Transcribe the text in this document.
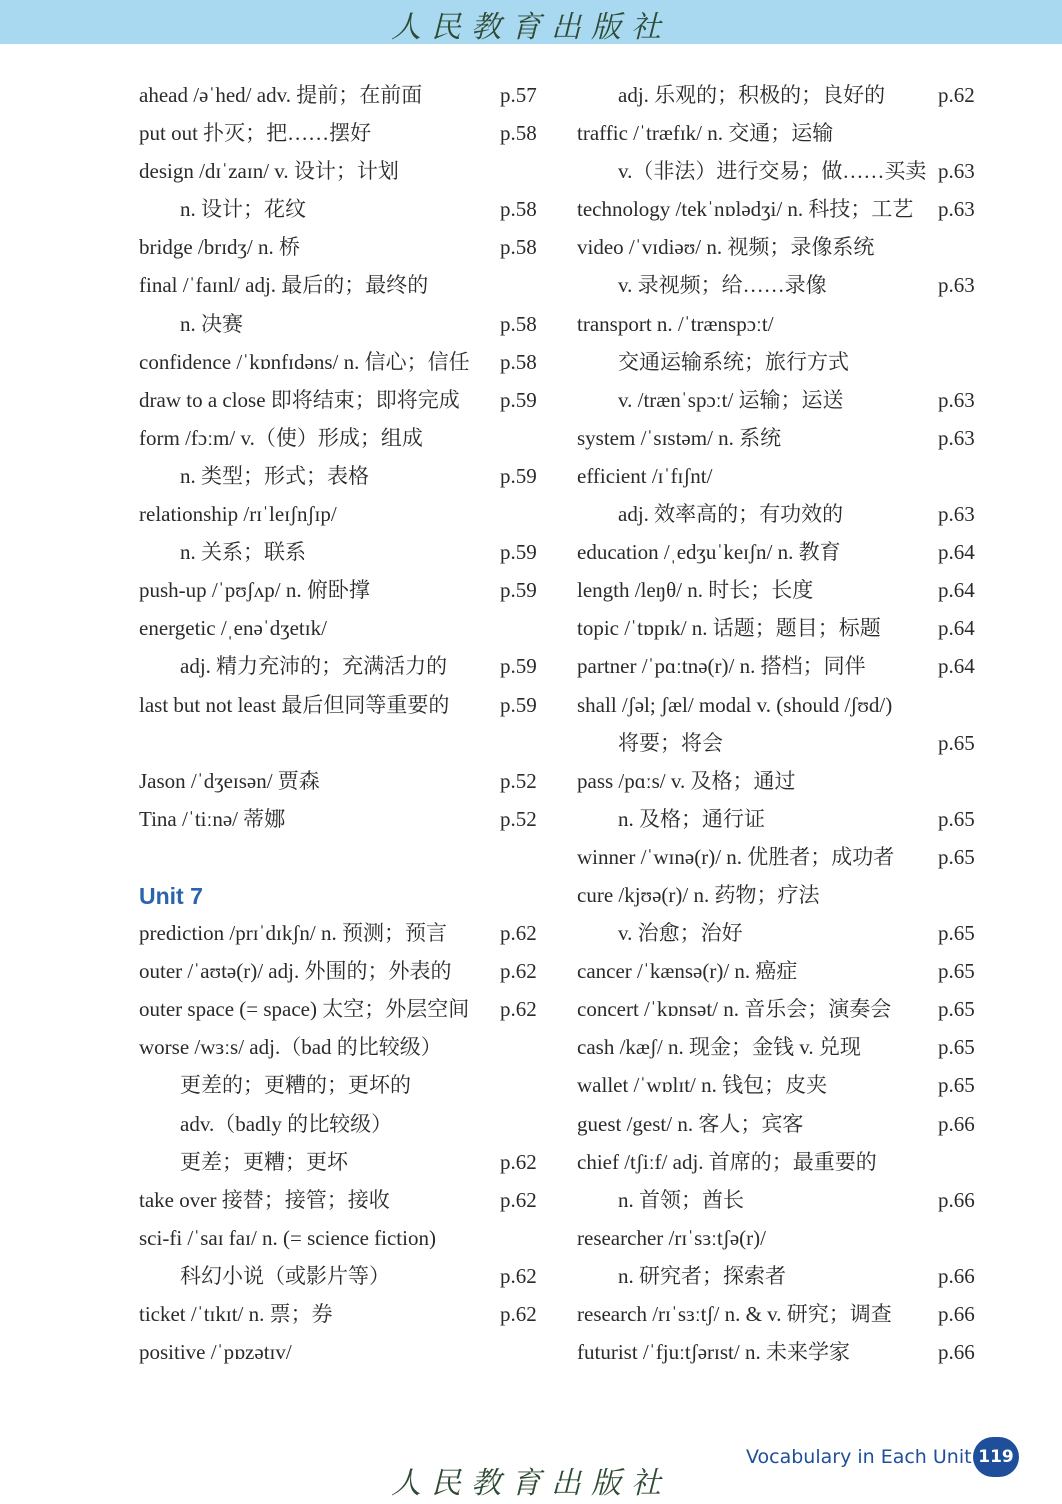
人民教育出版社
ahead /əˈhed/ adv. 提前；在前面	p.57
put out 扑灭；把……摆好	p.58
design /dɪˈzaɪn/ v. 设计；计划
n. 设计；花纹	p.58
bridge /brɪdʒ/ n. 桥	p.58
final /ˈfaɪnl/ adj. 最后的；最终的
n. 决赛	p.58
confidence /ˈkɒnfɪdəns/ n. 信心；信任 p.58
draw to a close 即将结束；即将完成 p.59
form /fɔːm/ v.（使）形成；组成
n. 类型；形式；表格	p.59
relationship /rɪˈleɪʃnʃɪp/
n. 关系；联系	p.59
push-up /ˈpʊʃʌp/ n. 俯卧撑	p.59
energetic /ˌenəˈdʒetɪk/
adj. 精力充沛的；充满活力的	p.59
last but not least 最后但同等重要的 p.59
Jason /ˈdʒeɪsən/ 贾森	p.52
Tina /ˈtiːnə/ 蒂娜	p.52
Unit 7
prediction /prɪˈdɪkʃn/ n. 预测；预言	p.62
outer /ˈaʊtə(r)/ adj. 外围的；外表的 p.62
outer space (= space) 太空；外层空间 p.62
worse /wɜːs/ adj.（bad 的比较级）
更差的；更糟的；更坏的
adv.（badly 的比较级）
更差；更糟；更坏	p.62
take over 接替；接管；接收	p.62
sci-fi /ˈsaɪ faɪ/ n. (= science fiction)
科幻小说（或影片等）	p.62
ticket /ˈtɪkɪt/ n. 票；券	p.62
positive /ˈpɒzətɪv/
adj. 乐观的；积极的；良好的	p.62
traffic /ˈtræfɪk/ n. 交通；运输
v.（非法）进行交易；做……买卖 p.63
technology /tekˈnɒlədʒi/ n. 科技；工艺 p.63
video /ˈvɪdiəʊ/ n. 视频；录像系统
v. 录视频；给……录像	p.63
transport n. /ˈtrænspɔːt/
交通运输系统；旅行方式
v. /trænˈspɔːt/ 运输；运送	p.63
system /ˈsɪstəm/ n. 系统	p.63
efficient /ɪˈfɪʃnt/
adj. 效率高的；有功效的	p.63
education /ˌedʒuˈkeɪʃn/ n. 教育	p.64
length /leŋθ/ n. 时长；长度	p.64
topic /ˈtɒpɪk/ n. 话题；题目；标题	p.64
partner /ˈpɑːtnə(r)/ n. 搭档；同伴	p.64
shall /ʃəl; ʃæl/ modal v. (should /ʃʊd/)
将要；将会	p.65
pass /pɑːs/ v. 及格；通过
n. 及格；通行证	p.65
winner /ˈwɪnə(r)/ n. 优胜者；成功者 p.65
cure /kjʊə(r)/ n. 药物；疗法
v. 治愈；治好	p.65
cancer /ˈkænsə(r)/ n. 癌症	p.65
concert /ˈkɒnsət/ n. 音乐会；演奏会 p.65
cash /kæʃ/ n. 现金；金钱 v. 兑现	p.65
wallet /ˈwɒlɪt/ n. 钱包；皮夹	p.65
guest /gest/ n. 客人；宾客	p.66
chief /tʃiːf/ adj. 首席的；最重要的
n. 首领；酋长	p.66
researcher /rɪˈsɜːtʃə(r)/
n. 研究者；探索者	p.66
research /rɪˈsɜːtʃ/ n. & v. 研究；调查 p.66
futurist /ˈfjuːtʃərɪst/ n. 未来学家	p.66
人民教育出版社
Vocabulary in Each Unit 119
